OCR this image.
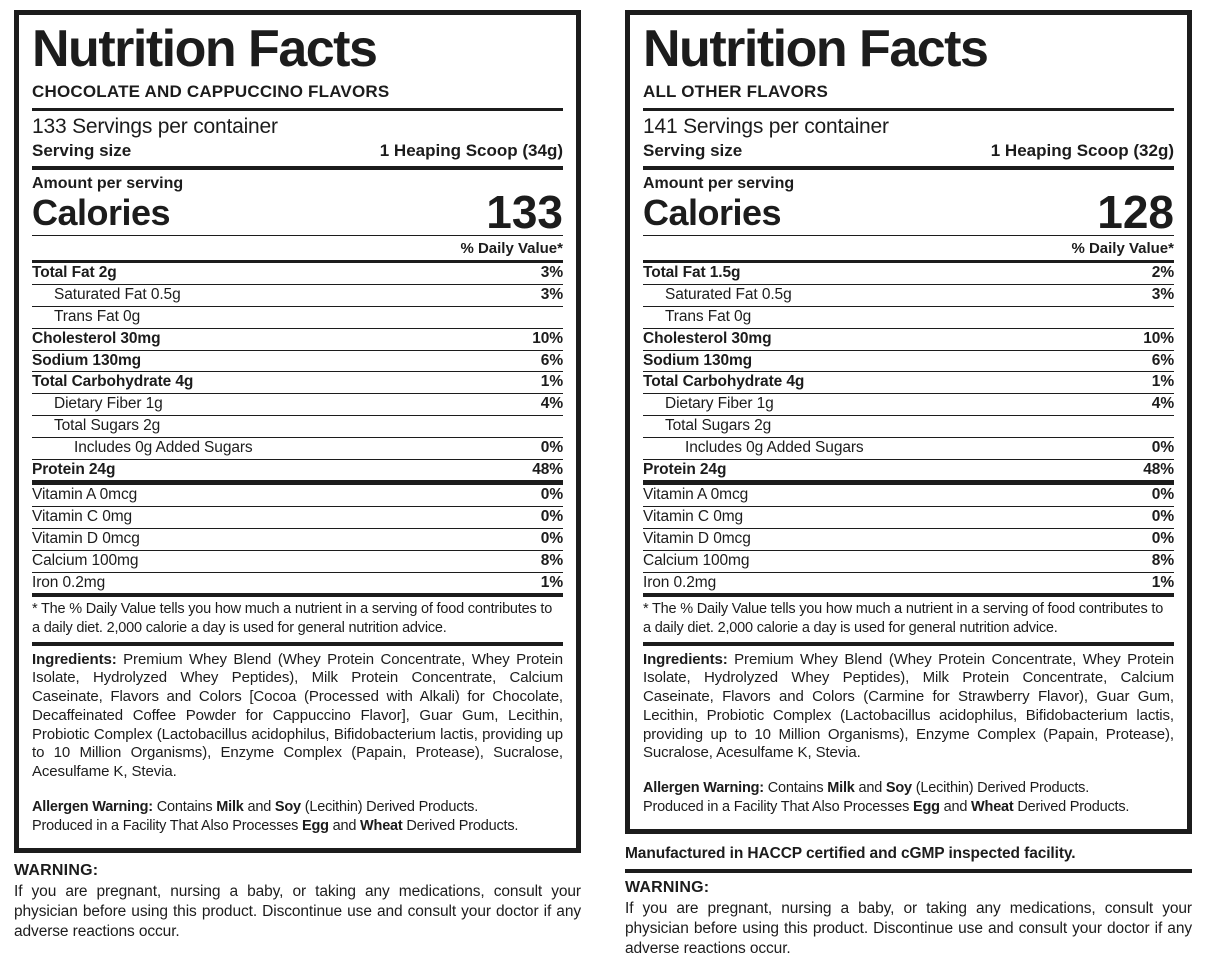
Nutrition Facts
CHOCOLATE AND CAPPUCCINO FLAVORS
133 Servings per container
Serving size	1 Heaping Scoop (34g)
Amount per serving
Calories	133
% Daily Value*
Total Fat 2g	3%
Saturated Fat 0.5g	3%
Trans Fat 0g
Cholesterol 30mg	10%
Sodium 130mg	6%
Total Carbohydrate 4g	1%
Dietary Fiber 1g	4%
Total Sugars 2g
Includes 0g Added Sugars	0%
Protein 24g	48%
Vitamin A 0mcg	0%
Vitamin C 0mg	0%
Vitamin D 0mcg	0%
Calcium 100mg	8%
Iron 0.2mg	1%
* The % Daily Value tells you how much a nutrient in a serving of food contributes to a daily diet. 2,000 calorie a day is used for general nutrition advice.
Ingredients: Premium Whey Blend (Whey Protein Concentrate, Whey Protein Isolate, Hydrolyzed Whey Peptides), Milk Protein Concentrate, Calcium Caseinate, Flavors and Colors [Cocoa (Processed with Alkali) for Chocolate, Decaffeinated Coffee Powder for Cappuccino Flavor], Guar Gum, Lecithin, Probiotic Complex (Lactobacillus acidophilus, Bifidobacterium lactis, providing up to 10 Million Organisms), Enzyme Complex (Papain, Protease), Sucralose, Acesulfame K, Stevia.
Allergen Warning: Contains Milk and Soy (Lecithin) Derived Products.
Produced in a Facility That Also Processes Egg and Wheat Derived Products.
WARNING:
If you are pregnant, nursing a baby, or taking any medications, consult your physician before using this product. Discontinue use and consult your doctor if any adverse reactions occur.
Nutrition Facts
ALL OTHER FLAVORS
141 Servings per container
Serving size	1 Heaping Scoop (32g)
Amount per serving
Calories	128
% Daily Value*
Total Fat 1.5g	2%
Saturated Fat 0.5g	3%
Trans Fat 0g
Cholesterol 30mg	10%
Sodium 130mg	6%
Total Carbohydrate 4g	1%
Dietary Fiber 1g	4%
Total Sugars 2g
Includes 0g Added Sugars	0%
Protein 24g	48%
Vitamin A 0mcg	0%
Vitamin C 0mg	0%
Vitamin D 0mcg	0%
Calcium 100mg	8%
Iron 0.2mg	1%
* The % Daily Value tells you how much a nutrient in a serving of food contributes to a daily diet. 2,000 calorie a day is used for general nutrition advice.
Ingredients: Premium Whey Blend (Whey Protein Concentrate, Whey Protein Isolate, Hydrolyzed Whey Peptides), Milk Protein Concentrate, Calcium Caseinate, Flavors and Colors (Carmine for Strawberry Flavor), Guar Gum, Lecithin, Probiotic Complex (Lactobacillus acidophilus, Bifidobacterium lactis, providing up to 10 Million Organisms), Enzyme Complex (Papain, Protease), Sucralose, Acesulfame K, Stevia.
Allergen Warning: Contains Milk and Soy (Lecithin) Derived Products.
Produced in a Facility That Also Processes Egg and Wheat Derived Products.
Manufactured in HACCP certified and cGMP inspected facility.
WARNING:
If you are pregnant, nursing a baby, or taking any medications, consult your physician before using this product. Discontinue use and consult your doctor if any adverse reactions occur.
